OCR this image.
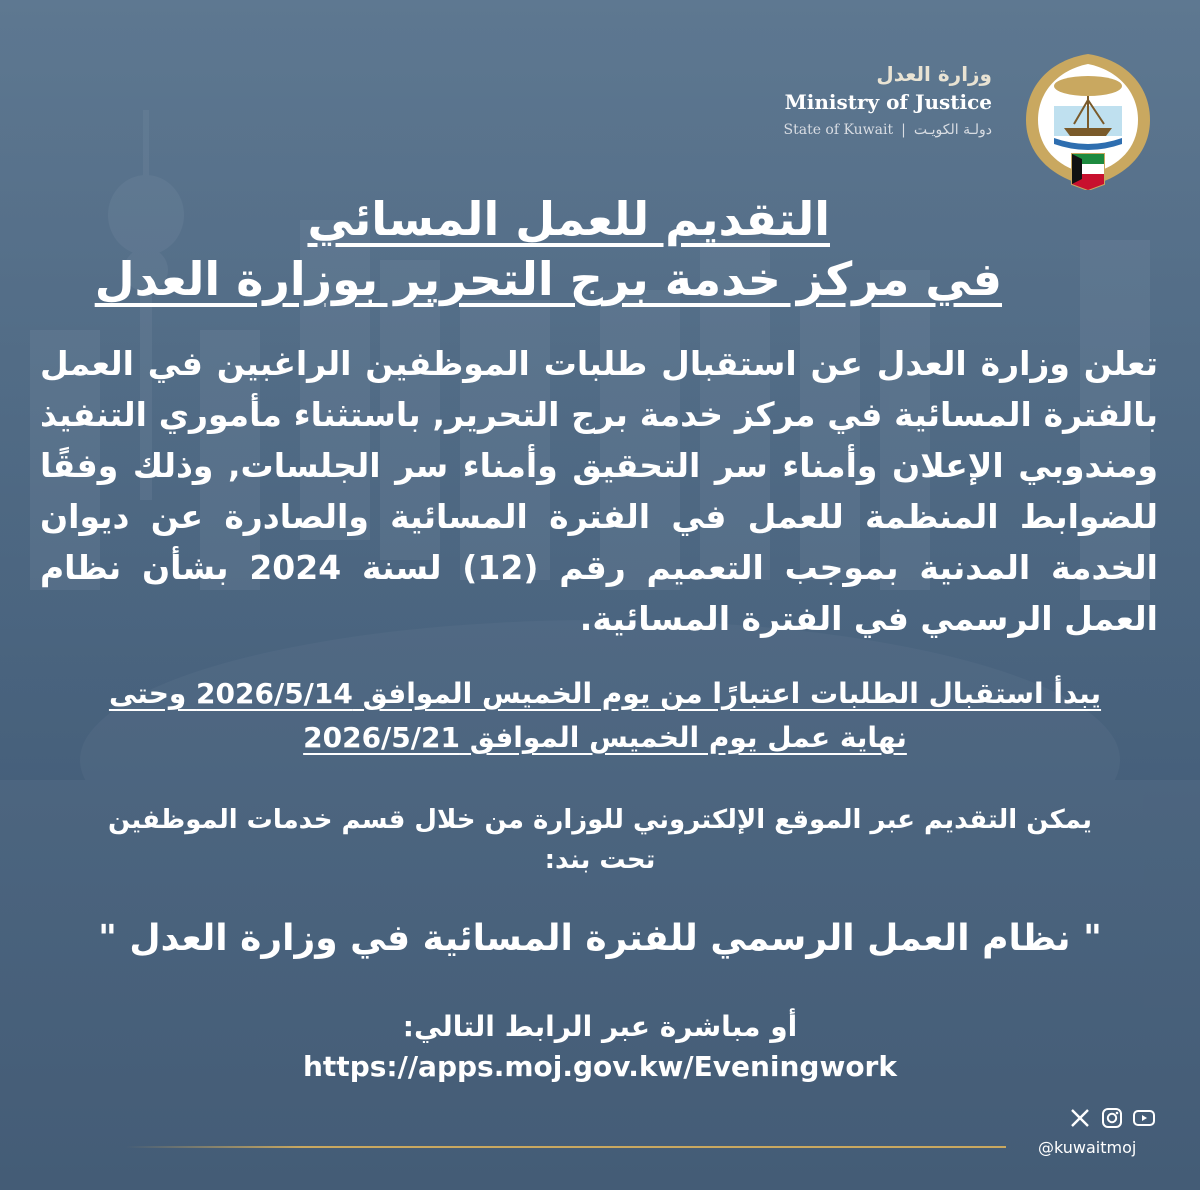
وزارة العدل
Ministry of Justice
State of Kuwait | دولـة الكويـت
التقديم للعمل المسائي
في مركز خدمة برج التحرير بوزارة العدل
تعلن وزارة العدل عن استقبال طلبات الموظفين الراغبين في العمل بالفترة المسائية في مركز خدمة برج التحرير, باستثناء مأموري التنفيذ ومندوبي الإعلان وأمناء سر التحقيق وأمناء سر الجلسات, وذلك وفقًا للضوابط المنظمة للعمل في الفترة المسائية والصادرة عن ديوان الخدمة المدنية بموجب التعميم رقم (12) لسنة 2024 بشأن نظام العمل الرسمي في الفترة المسائية.
يبدأ استقبال الطلبات اعتبارًا من يوم الخميس الموافق 2026/5/14 وحتى
نهاية عمل يوم الخميس الموافق 2026/5/21
يمكن التقديم عبر الموقع الإلكتروني للوزارة من خلال قسم خدمات الموظفين
تحت بند:
" نظام العمل الرسمي للفترة المسائية في وزارة العدل "
أو مباشرة عبر الرابط التالي:
https://apps.moj.gov.kw/Eveningwork
@kuwaitmoj
